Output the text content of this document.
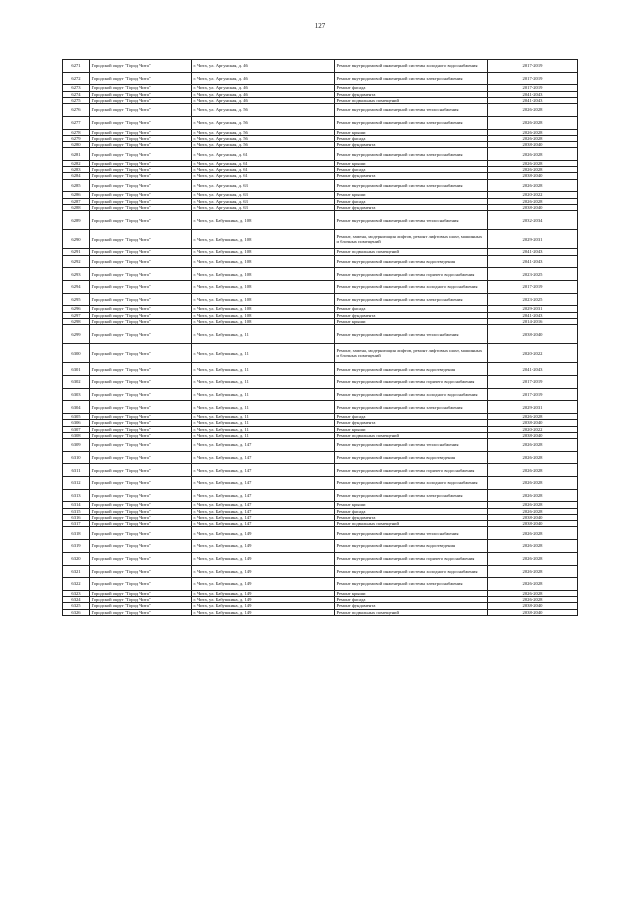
127
6271	Городской округ "Город Чита"	г. Чита, ул. Аргунская, д. 46	Ремонт внутридомовой инженерной системы холодного водоснабжения	2017-2019
6272	Городской округ "Город Чита"	г. Чита, ул. Аргунская, д. 46	Ремонт внутридомовой инженерной системы электроснабжения	2017-2019
6273	Городской округ "Город Чита"	г. Чита, ул. Аргунская, д. 46	Ремонт фасада	2017-2019
6274	Городской округ "Город Чита"	г. Чита, ул. Аргунская, д. 46	Ремонт фундамента	2041-2043
6275	Городской округ "Город Чита"	г. Чита, ул. Аргунская, д. 46	Ремонт подвальных помещений	2041-2043
6276	Городской округ "Город Чита"	г. Чита, ул. Аргунская, д. 56	Ремонт внутридомовой инженерной системы теплоснабжения	2026-2028
6277	Городской округ "Город Чита"	г. Чита, ул. Аргунская, д. 56	Ремонт внутридомовой инженерной системы электроснабжения	2026-2028
6278	Городской округ "Город Чита"	г. Чита, ул. Аргунская, д. 56	Ремонт крыши	2026-2028
6279	Городской округ "Город Чита"	г. Чита, ул. Аргунская, д. 56	Ремонт фасада	2026-2028
6280	Городской округ "Город Чита"	г. Чита, ул. Аргунская, д. 56	Ремонт фундамента	2038-2040
6281	Городской округ "Город Чита"	г. Чита, ул. Аргунская, д. 61	Ремонт внутридомовой инженерной системы электроснабжения	2026-2028
6282	Городской округ "Город Чита"	г. Чита, ул. Аргунская, д. 61	Ремонт крыши	2026-2028
6283	Городской округ "Город Чита"	г. Чита, ул. Аргунская, д. 61	Ремонт фасада	2026-2028
6284	Городской округ "Город Чита"	г. Чита, ул. Аргунская, д. 61	Ремонт фундамента	2038-2040
6285	Городской округ "Город Чита"	г. Чита, ул. Аргунская, д. 63	Ремонт внутридомовой инженерной системы электроснабжения	2026-2028
6286	Городской округ "Город Чита"	г. Чита, ул. Аргунская, д. 63	Ремонт крыши	2020-2022
6287	Городской округ "Город Чита"	г. Чита, ул. Аргунская, д. 63	Ремонт фасада	2026-2028
6288	Городской округ "Город Чита"	г. Чита, ул. Аргунская, д. 63	Ремонт фундамента	2038-2040
6289	Городской округ "Город Чита"	г. Чита, ул. Бабушкина, д. 108	Ремонт внутридомовой инженерной системы теплоснабжения	2032-2034
6290	Городской округ "Город Чита"	г. Чита, ул. Бабушкина, д. 108	Ремонт, замена, модернизация лифтов, ремонт лифтовых шахт, машинных и блочных помещений	2029-2031
6291	Городской округ "Город Чита"	г. Чита, ул. Бабушкина, д. 108	Ремонт подвальных помещений	2041-2043
6292	Городской округ "Город Чита"	г. Чита, ул. Бабушкина, д. 108	Ремонт внутридомовой инженерной системы водоотведения	2041-2043
6293	Городской округ "Город Чита"	г. Чита, ул. Бабушкина, д. 108	Ремонт внутридомовой инженерной системы горячего водоснабжения	2023-2025
6294	Городской округ "Город Чита"	г. Чита, ул. Бабушкина, д. 108	Ремонт внутридомовой инженерной системы холодного водоснабжения	2017-2019
6295	Городской округ "Город Чита"	г. Чита, ул. Бабушкина, д. 108	Ремонт внутридомовой инженерной системы электроснабжения	2023-2025
6296	Городской округ "Город Чита"	г. Чита, ул. Бабушкина, д. 108	Ремонт фасада	2029-2031
6297	Городской округ "Город Чита"	г. Чита, ул. Бабушкина, д. 108	Ремонт фундамента	2041-2043
6298	Городской округ "Город Чита"	г. Чита, ул. Бабушкина, д. 108	Ремонт крыши	2014-2016
6299	Городской округ "Город Чита"	г. Чита, ул. Бабушкина, д. 11	Ремонт внутридомовой инженерной системы теплоснабжения	2038-2040
6300	Городской округ "Город Чита"	г. Чита, ул. Бабушкина, д. 11	Ремонт, замена, модернизация лифтов, ремонт лифтовых шахт, машинных и блочных помещений	2020-2022
6301	Городской округ "Город Чита"	г. Чита, ул. Бабушкина, д. 11	Ремонт внутридомовой инженерной системы водоотведения	2041-2043
6302	Городской округ "Город Чита"	г. Чита, ул. Бабушкина, д. 11	Ремонт внутридомовой инженерной системы горячего водоснабжения	2017-2019
6303	Городской округ "Город Чита"	г. Чита, ул. Бабушкина, д. 11	Ремонт внутридомовой инженерной системы холодного водоснабжения	2017-2019
6304	Городской округ "Город Чита"	г. Чита, ул. Бабушкина, д. 11	Ремонт внутридомовой инженерной системы электроснабжения	2029-2031
6305	Городской округ "Город Чита"	г. Чита, ул. Бабушкина, д. 11	Ремонт фасада	2026-2028
6306	Городской округ "Город Чита"	г. Чита, ул. Бабушкина, д. 11	Ремонт фундамента	2038-2040
6307	Городской округ "Город Чита"	г. Чита, ул. Бабушкина, д. 11	Ремонт крыши	2020-2022
6308	Городской округ "Город Чита"	г. Чита, ул. Бабушкина, д. 11	Ремонт подвальных помещений	2038-2040
6309	Городской округ "Город Чита"	г. Чита, ул. Бабушкина, д. 147	Ремонт внутридомовой инженерной системы теплоснабжения	2026-2028
6310	Городской округ "Город Чита"	г. Чита, ул. Бабушкина, д. 147	Ремонт внутридомовой инженерной системы водоотведения	2026-2028
6311	Городской округ "Город Чита"	г. Чита, ул. Бабушкина, д. 147	Ремонт внутридомовой инженерной системы горячего водоснабжения	2026-2028
6312	Городской округ "Город Чита"	г. Чита, ул. Бабушкина, д. 147	Ремонт внутридомовой инженерной системы холодного водоснабжения	2026-2028
6313	Городской округ "Город Чита"	г. Чита, ул. Бабушкина, д. 147	Ремонт внутридомовой инженерной системы электроснабжения	2026-2028
6314	Городской округ "Город Чита"	г. Чита, ул. Бабушкина, д. 147	Ремонт крыши	2026-2028
6315	Городской округ "Город Чита"	г. Чита, ул. Бабушкина, д. 147	Ремонт фасада	2026-2028
6316	Городской округ "Город Чита"	г. Чита, ул. Бабушкина, д. 147	Ремонт фундамента	2038-2040
6317	Городской округ "Город Чита"	г. Чита, ул. Бабушкина, д. 147	Ремонт подвальных помещений	2038-2040
6318	Городской округ "Город Чита"	г. Чита, ул. Бабушкина, д. 149	Ремонт внутридомовой инженерной системы теплоснабжения	2026-2028
6319	Городской округ "Город Чита"	г. Чита, ул. Бабушкина, д. 149	Ремонт внутридомовой инженерной системы водоотведения	2026-2028
6320	Городской округ "Город Чита"	г. Чита, ул. Бабушкина, д. 149	Ремонт внутридомовой инженерной системы горячего водоснабжения	2026-2028
6321	Городской округ "Город Чита"	г. Чита, ул. Бабушкина, д. 149	Ремонт внутридомовой инженерной системы холодного водоснабжения	2026-2028
6322	Городской округ "Город Чита"	г. Чита, ул. Бабушкина, д. 149	Ремонт внутридомовой инженерной системы электроснабжения	2026-2028
6323	Городской округ "Город Чита"	г. Чита, ул. Бабушкина, д. 149	Ремонт крыши	2026-2028
6324	Городской округ "Город Чита"	г. Чита, ул. Бабушкина, д. 149	Ремонт фасада	2026-2028
6325	Городской округ "Город Чита"	г. Чита, ул. Бабушкина, д. 149	Ремонт фундамента	2038-2040
6326	Городской округ "Город Чита"	г. Чита, ул. Бабушкина, д. 149	Ремонт подвальных помещений	2038-2040
